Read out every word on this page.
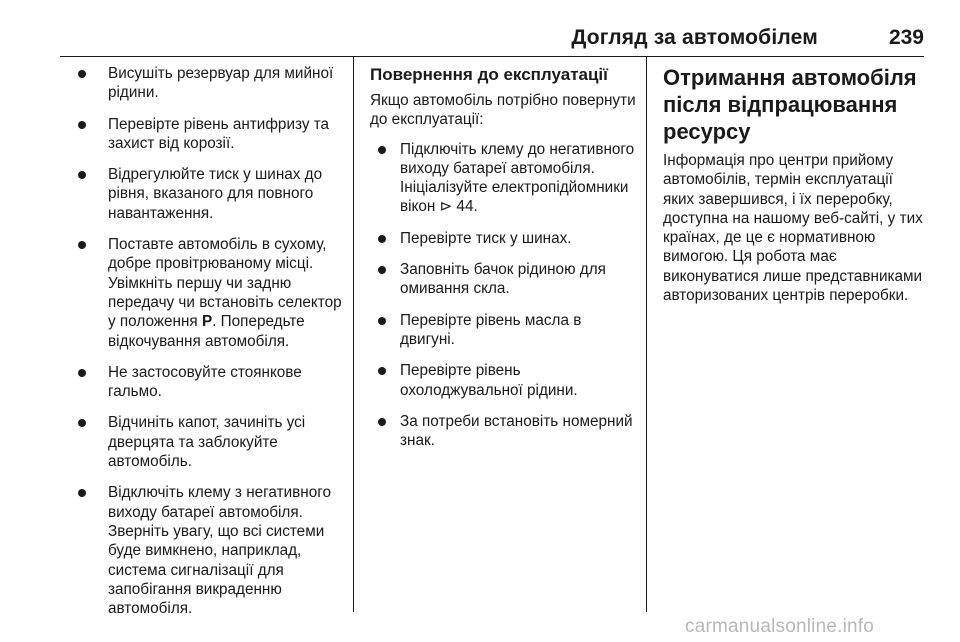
Догляд за автомобілем	239
Висушіть резервуар для мийної рідини.
Перевірте рівень антифризу та захист від корозії.
Відрегулюйте тиск у шинах до рівня, вказаного для повного навантаження.
Поставте автомобіль в сухому, добре провітрюваному місці. Увімкніть першу чи задню передачу чи встановіть селектор у положення P. Попередьте відкочування автомобіля.
Не застосовуйте стоянкове гальмо.
Відчиніть капот, зачиніть усі дверцята та заблокуйте автомобіль.
Відключіть клему з негативного виходу батареї автомобіля. Зверніть увагу, що всі системи буде вимкнено, наприклад, система сигналізації для запобігання викраденню автомобіля.
Повернення до експлуатації
Якщо автомобіль потрібно повернути до експлуатації:
Підключіть клему до негативного виходу батареї автомобіля. Ініціалізуйте електропідйомники вікон ⊳ 44.
Перевірте тиск у шинах.
Заповніть бачок рідиною для омивання скла.
Перевірте рівень масла в двигуні.
Перевірте рівень охолоджувальної рідини.
За потреби встановіть номерний знак.
Отримання автомобіля після відпрацювання ресурсу
Інформація про центри прийому автомобілів, термін експлуатації яких завершився, і їх переробку, доступна на нашому веб-сайті, у тих країнах, де це є нормативною вимогою. Ця робота має виконуватися лише представниками авторизованих центрів переробки.
carmanualsonline.info
